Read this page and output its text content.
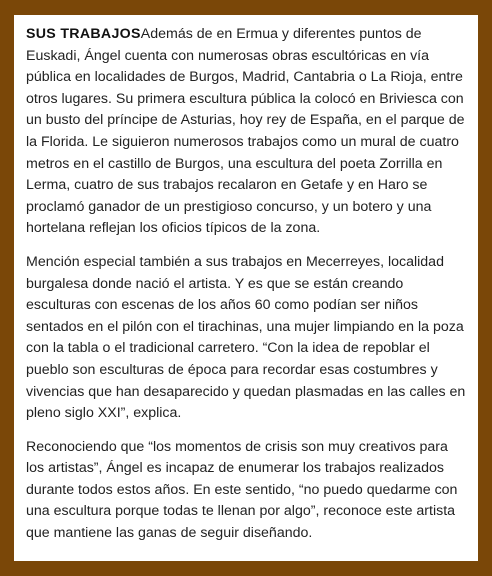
SUS TRABAJOSAdemás de en Ermua y diferentes puntos de Euskadi, Ángel cuenta con numerosas obras escultóricas en vía pública en localidades de Burgos, Madrid, Cantabria o La Rioja, entre otros lugares. Su primera escultura pública la colocó en Briviesca con un busto del príncipe de Asturias, hoy rey de España, en el parque de la Florida. Le siguieron numerosos trabajos como un mural de cuatro metros en el castillo de Burgos, una escultura del poeta Zorrilla en Lerma, cuatro de sus trabajos recalaron en Getafe y en Haro se proclamó ganador de un prestigioso concurso, y un botero y una hortelana reflejan los oficios típicos de la zona.

Mención especial también a sus trabajos en Mecerreyes, localidad burgalesa donde nació el artista. Y es que se están creando esculturas con escenas de los años 60 como podían ser niños sentados en el pilón con el tirachinas, una mujer limpiando en la poza con la tabla o el tradicional carretero. “Con la idea de repoblar el pueblo son esculturas de época para recordar esas costumbres y vivencias que han desaparecido y quedan plasmadas en las calles en pleno siglo XXI”, explica.

Reconociendo que “los momentos de crisis son muy creativos para los artistas”, Ángel es incapaz de enumerar los trabajos realizados durante todos estos años. En este sentido, “no puedo quedarme con una escultura porque todas te llenan por algo”, reconoce este artista que mantiene las ganas de seguir diseñando.
